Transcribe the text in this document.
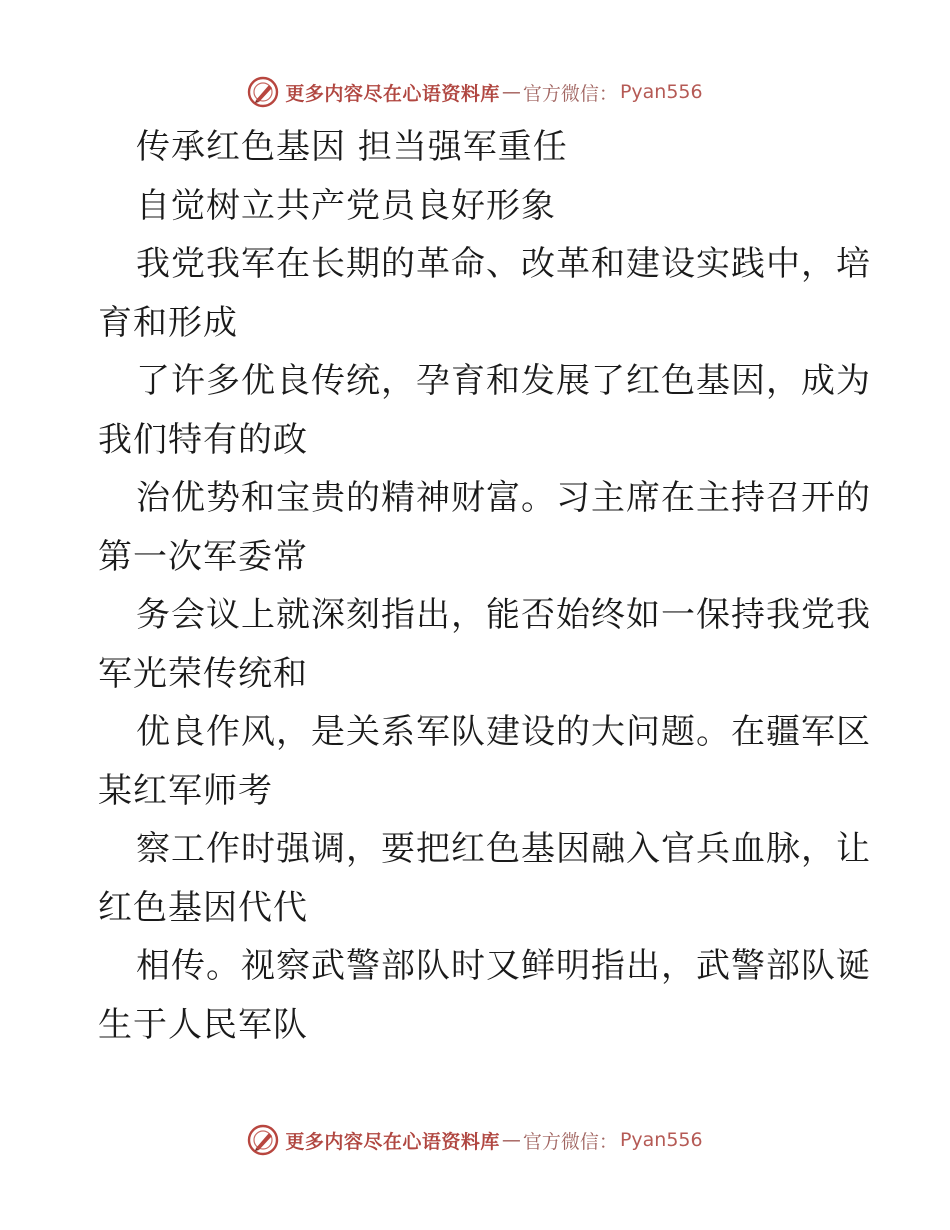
更多内容尽在心语资料库 — 官方微信： Pyan556
传承红色基因 担当强军重任
自觉树立共产党员良好形象
我党我军在长期的革命、改革和建设实践中，培
育和形成
了许多优良传统，孕育和发展了红色基因，成为
我们特有的政
治优势和宝贵的精神财富。习主席在主持召开的
第一次军委常
务会议上就深刻指出，能否始终如一保持我党我
军光荣传统和
优良作风，是关系军队建设的大问题。在疆军区
某红军师考
察工作时强调，要把红色基因融入官兵血脉，让
红色基因代代
相传。视察武警部队时又鲜明指出，武警部队诞
生于人民军队
更多内容尽在心语资料库 — 官方微信： Pyan556
